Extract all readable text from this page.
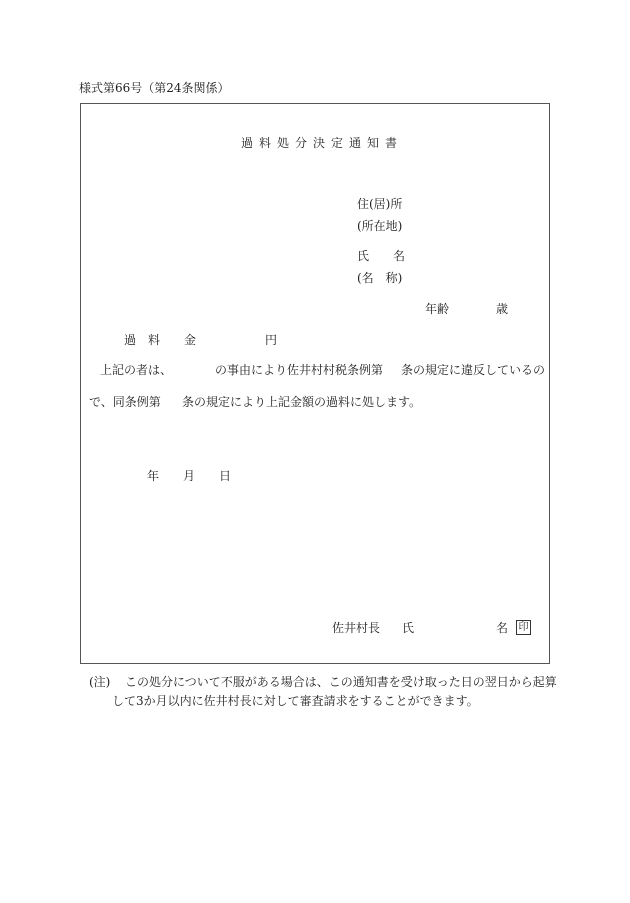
様式第66号（第24条関係）
過料処分決定通知書
住(居)所
(所在地)
氏　　名
(名　称)
年齢	歳
過　料　　金	円
上記の者は、	の事由により佐井村村税条例第 条の規定に違反しているの
で、同条例第 条の規定により上記金額の過料に処します。
年 月 日
佐井村長 氏	名 印
(注) この処分について不服がある場合は、この通知書を受け取った日の翌日から起算
して3か月以内に佐井村長に対して審査請求をすることができます。
